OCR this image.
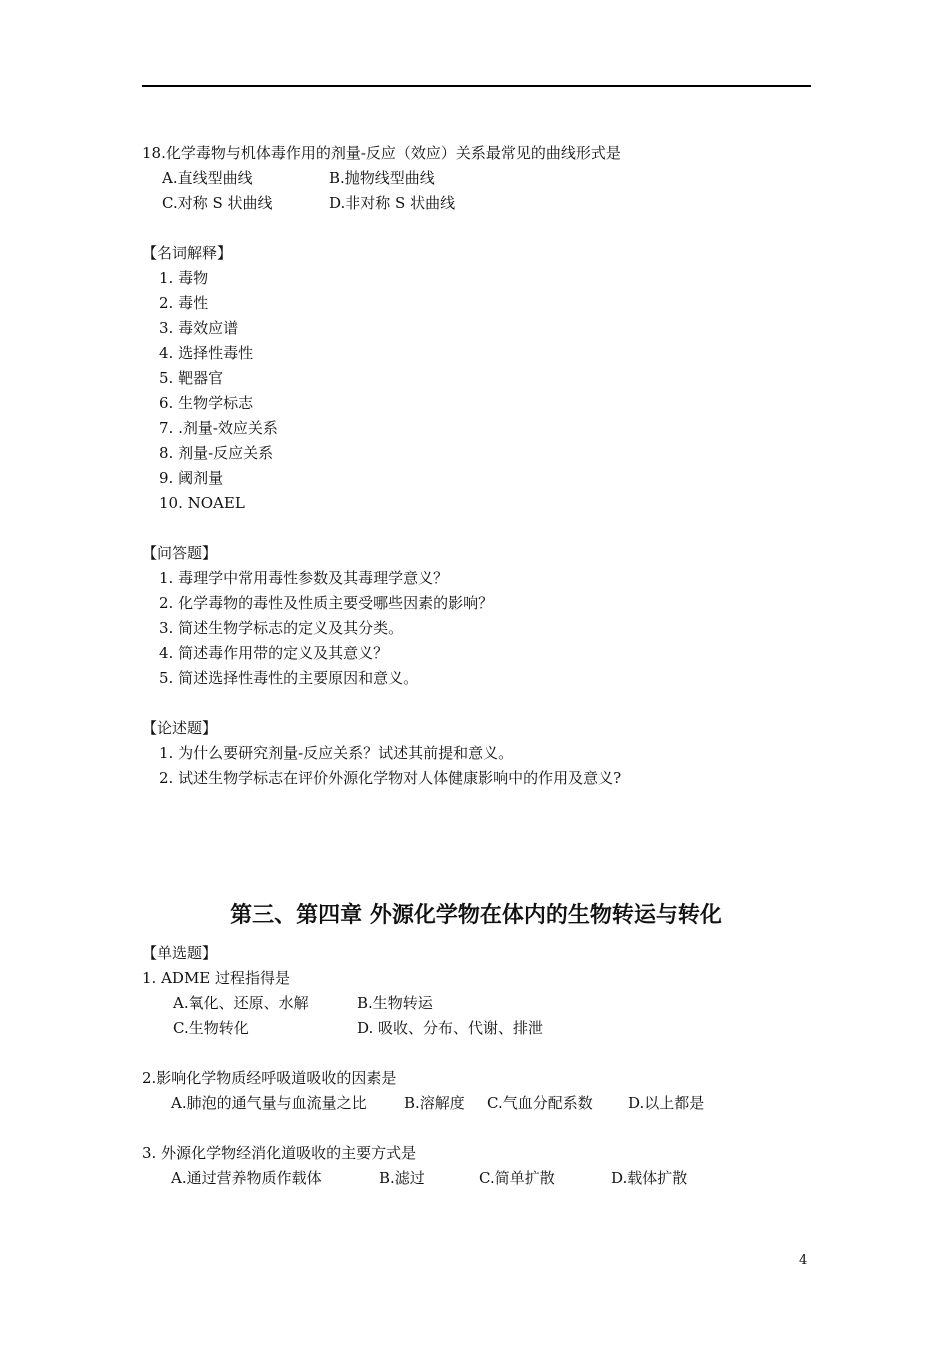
18.化学毒物与机体毒作用的剂量-反应（效应）关系最常见的曲线形式是
A.直线型曲线	B.抛物线型曲线
C.对称 S 状曲线	D.非对称 S 状曲线
【名词解释】
1. 毒物
2. 毒性
3. 毒效应谱
4. 选择性毒性
5. 靶器官
6. 生物学标志
7. .剂量-效应关系
8. 剂量-反应关系
9. 阈剂量
10. NOAEL
【问答题】
1. 毒理学中常用毒性参数及其毒理学意义？
2. 化学毒物的毒性及性质主要受哪些因素的影响？
3. 简述生物学标志的定义及其分类。
4. 简述毒作用带的定义及其意义？
5. 简述选择性毒性的主要原因和意义。
【论述题】
1. 为什么要研究剂量-反应关系？试述其前提和意义。
2. 试述生物学标志在评价外源化学物对人体健康影响中的作用及意义?
第三、第四章 外源化学物在体内的生物转运与转化
【单选题】
1. ADME 过程指得是
A.氧化、还原、水解	B.生物转运
C.生物转化	D. 吸收、分布、代谢、排泄
2.影响化学物质经呼吸道吸收的因素是
A.肺泡的通气量与血流量之比 B.溶解度 C.气血分配系数 D.以上都是
3. 外源化学物经消化道吸收的主要方式是
A.通过营养物质作载体	B.滤过	C.简单扩散	D.载体扩散
4
